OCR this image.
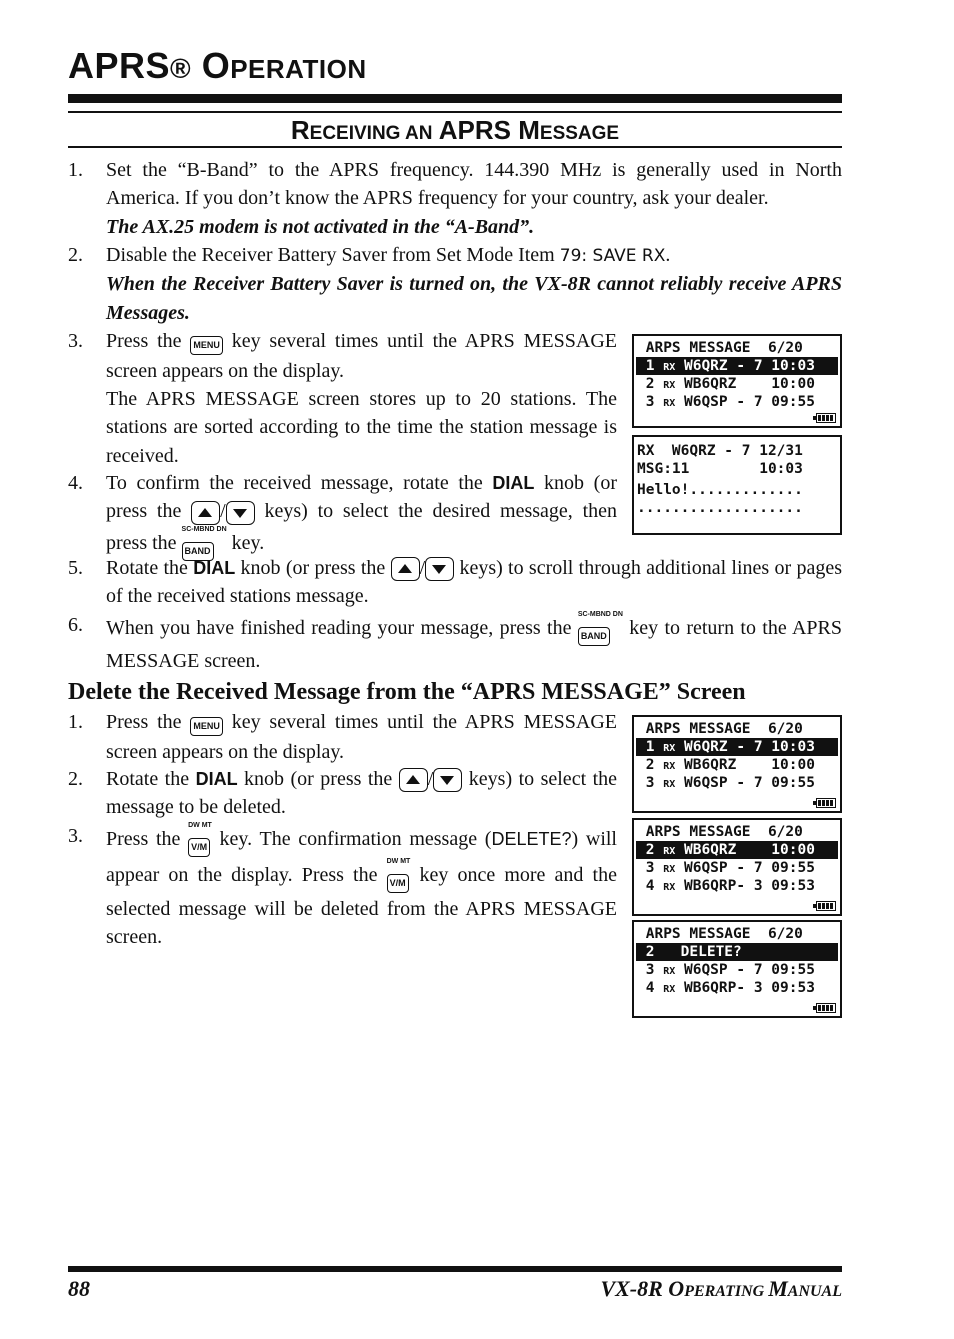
APRS® OPERATION
RECEIVING AN APRS MESSAGE
1. Set the “B-Band” to the APRS frequency. 144.390 MHz is generally used in North America. If you don’t know the APRS frequency for your country, ask your dealer.
The AX.25 modem is not activated in the “A-Band”.
2. Disable the Receiver Battery Saver from Set Mode Item 79: SAVE RX.
When the Receiver Battery Saver is turned on, the VX-8R cannot reliably receive APRS Messages.
3. Press the MENU key several times until the APRS MESSAGE screen appears on the display.
The APRS MESSAGE screen stores up to 20 stations. The stations are sorted according to the time the station message is received.
4. To confirm the received message, rotate the DIAL knob (or press the
/
keys) to select the desired message, then press the
SC-MBND DN
BAND key.
5. Rotate the DIAL knob (or press the
/
keys) to scroll through additional lines or pages of the received stations message.
6. When you have finished reading your message, press the
SC-MBND DN
BAND key to return to the APRS MESSAGE screen.
Delete the Received Message from the “APRS MESSAGE” Screen
1. Press the MENU key several times until the APRS MESSAGE screen appears on the display.
2. Rotate the DIAL knob (or press the
/
keys) to select the message to be deleted.
3. Press the
DW MT
V/M key. The confirmation message (DELETE?) will appear on the display. Press the
DW MT
V/M key once more and the selected message will be deleted from the APRS MESSAGE screen.
ARPS MESSAGE  6/20
1 RX W6QRZ - 7 10:03
2 RX WB6QRZ    10:00
3 RX W6QSP - 7 09:55
RX  W6QRZ - 7 12/31
MSG:11        10:03
Hello!.............
...................
ARPS MESSAGE  6/20
1 RX W6QRZ - 7 10:03
2 RX WB6QRZ    10:00
3 RX W6QSP - 7 09:55
ARPS MESSAGE  6/20
2 RX WB6QRZ    10:00
3 RX W6QSP - 7 09:55
4 RX WB6QRP- 3 09:53
ARPS MESSAGE  6/20
2   DELETE?
3 RX W6QSP - 7 09:55
4 RX WB6QRP- 3 09:53
88	VX-8R OPERATING MANUAL
